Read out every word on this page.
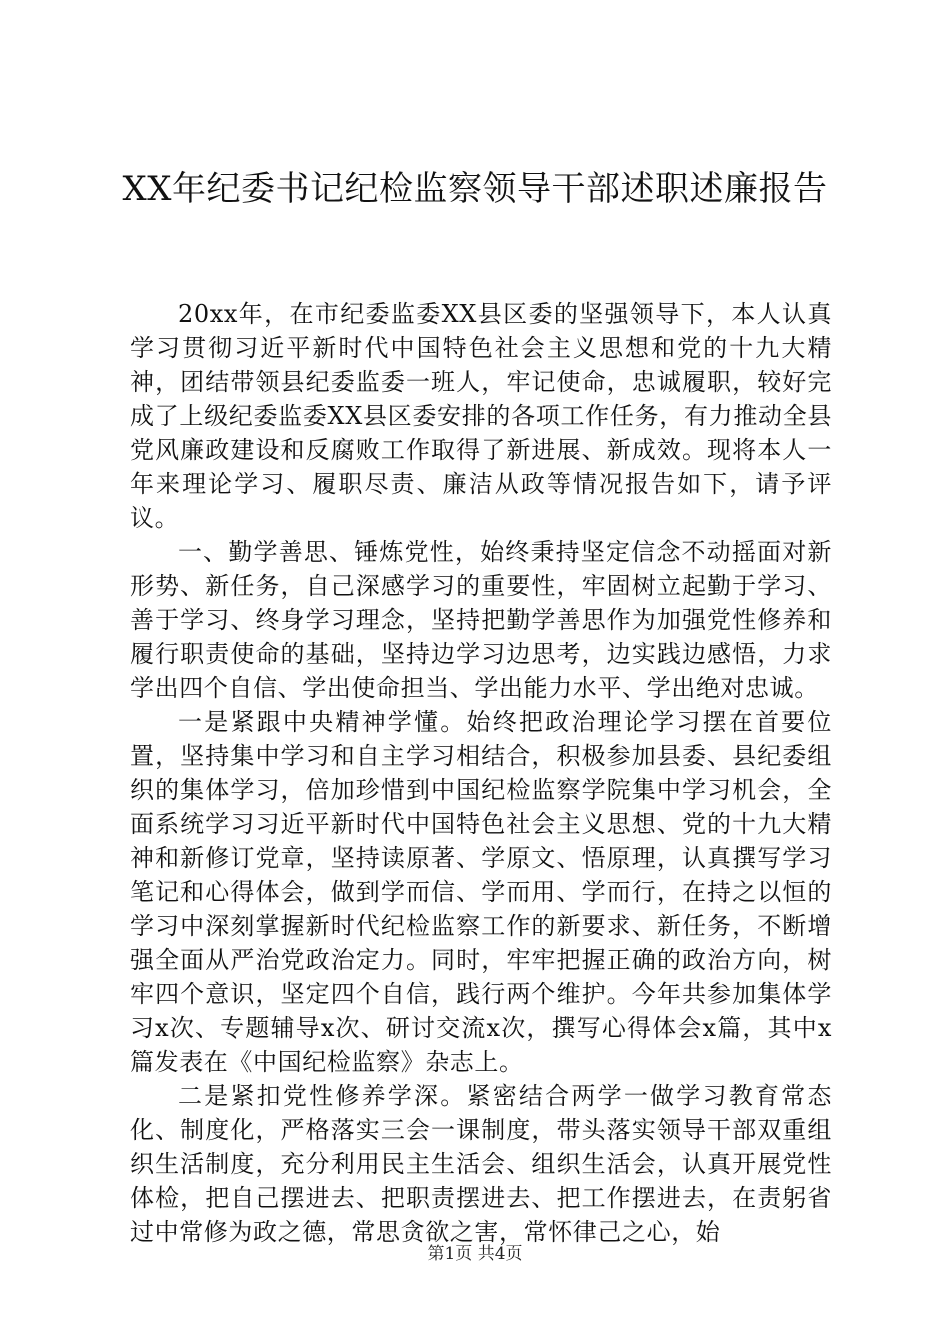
XX年纪委书记纪检监察领导干部述职述廉报告

20xx年，在市纪委监委XX县区委的坚强领导下，本人认真学习贯彻习近平新时代中国特色社会主义思想和党的十九大精神，团结带领县纪委监委一班人，牢记使命，忠诚履职，较好完成了上级纪委监委XX县区委安排的各项工作任务，有力推动全县党风廉政建设和反腐败工作取得了新进展、新成效。现将本人一年来理论学习、履职尽责、廉洁从政等情况报告如下，请予评议。

一、勤学善思、锤炼党性，始终秉持坚定信念不动摇面对新形势、新任务，自己深感学习的重要性，牢固树立起勤于学习、善于学习、终身学习理念，坚持把勤学善思作为加强党性修养和履行职责使命的基础，坚持边学习边思考，边实践边感悟，力求学出四个自信、学出使命担当、学出能力水平、学出绝对忠诚。

一是紧跟中央精神学懂。始终把政治理论学习摆在首要位置，坚持集中学习和自主学习相结合，积极参加县委、县纪委组织的集体学习，倍加珍惜到中国纪检监察学院集中学习机会，全面系统学习习近平新时代中国特色社会主义思想、党的十九大精神和新修订党章，坚持读原著、学原文、悟原理，认真撰写学习笔记和心得体会，做到学而信、学而用、学而行，在持之以恒的学习中深刻掌握新时代纪检监察工作的新要求、新任务，不断增强全面从严治党政治定力。同时，牢牢把握正确的政治方向，树牢四个意识，坚定四个自信，践行两个维护。今年共参加集体学习x次、专题辅导x次、研讨交流x次，撰写心得体会x篇，其中x篇发表在《中国纪检监察》杂志上。

二是紧扣党性修养学深。紧密结合两学一做学习教育常态化、制度化，严格落实三会一课制度，带头落实领导干部双重组织生活制度，充分利用民主生活会、组织生活会，认真开展党性体检，把自己摆进去、把职责摆进去、把工作摆进去，在责躬省过中常修为政之德，常思贪欲之害，常怀律己之心，始

第1页 共4页
